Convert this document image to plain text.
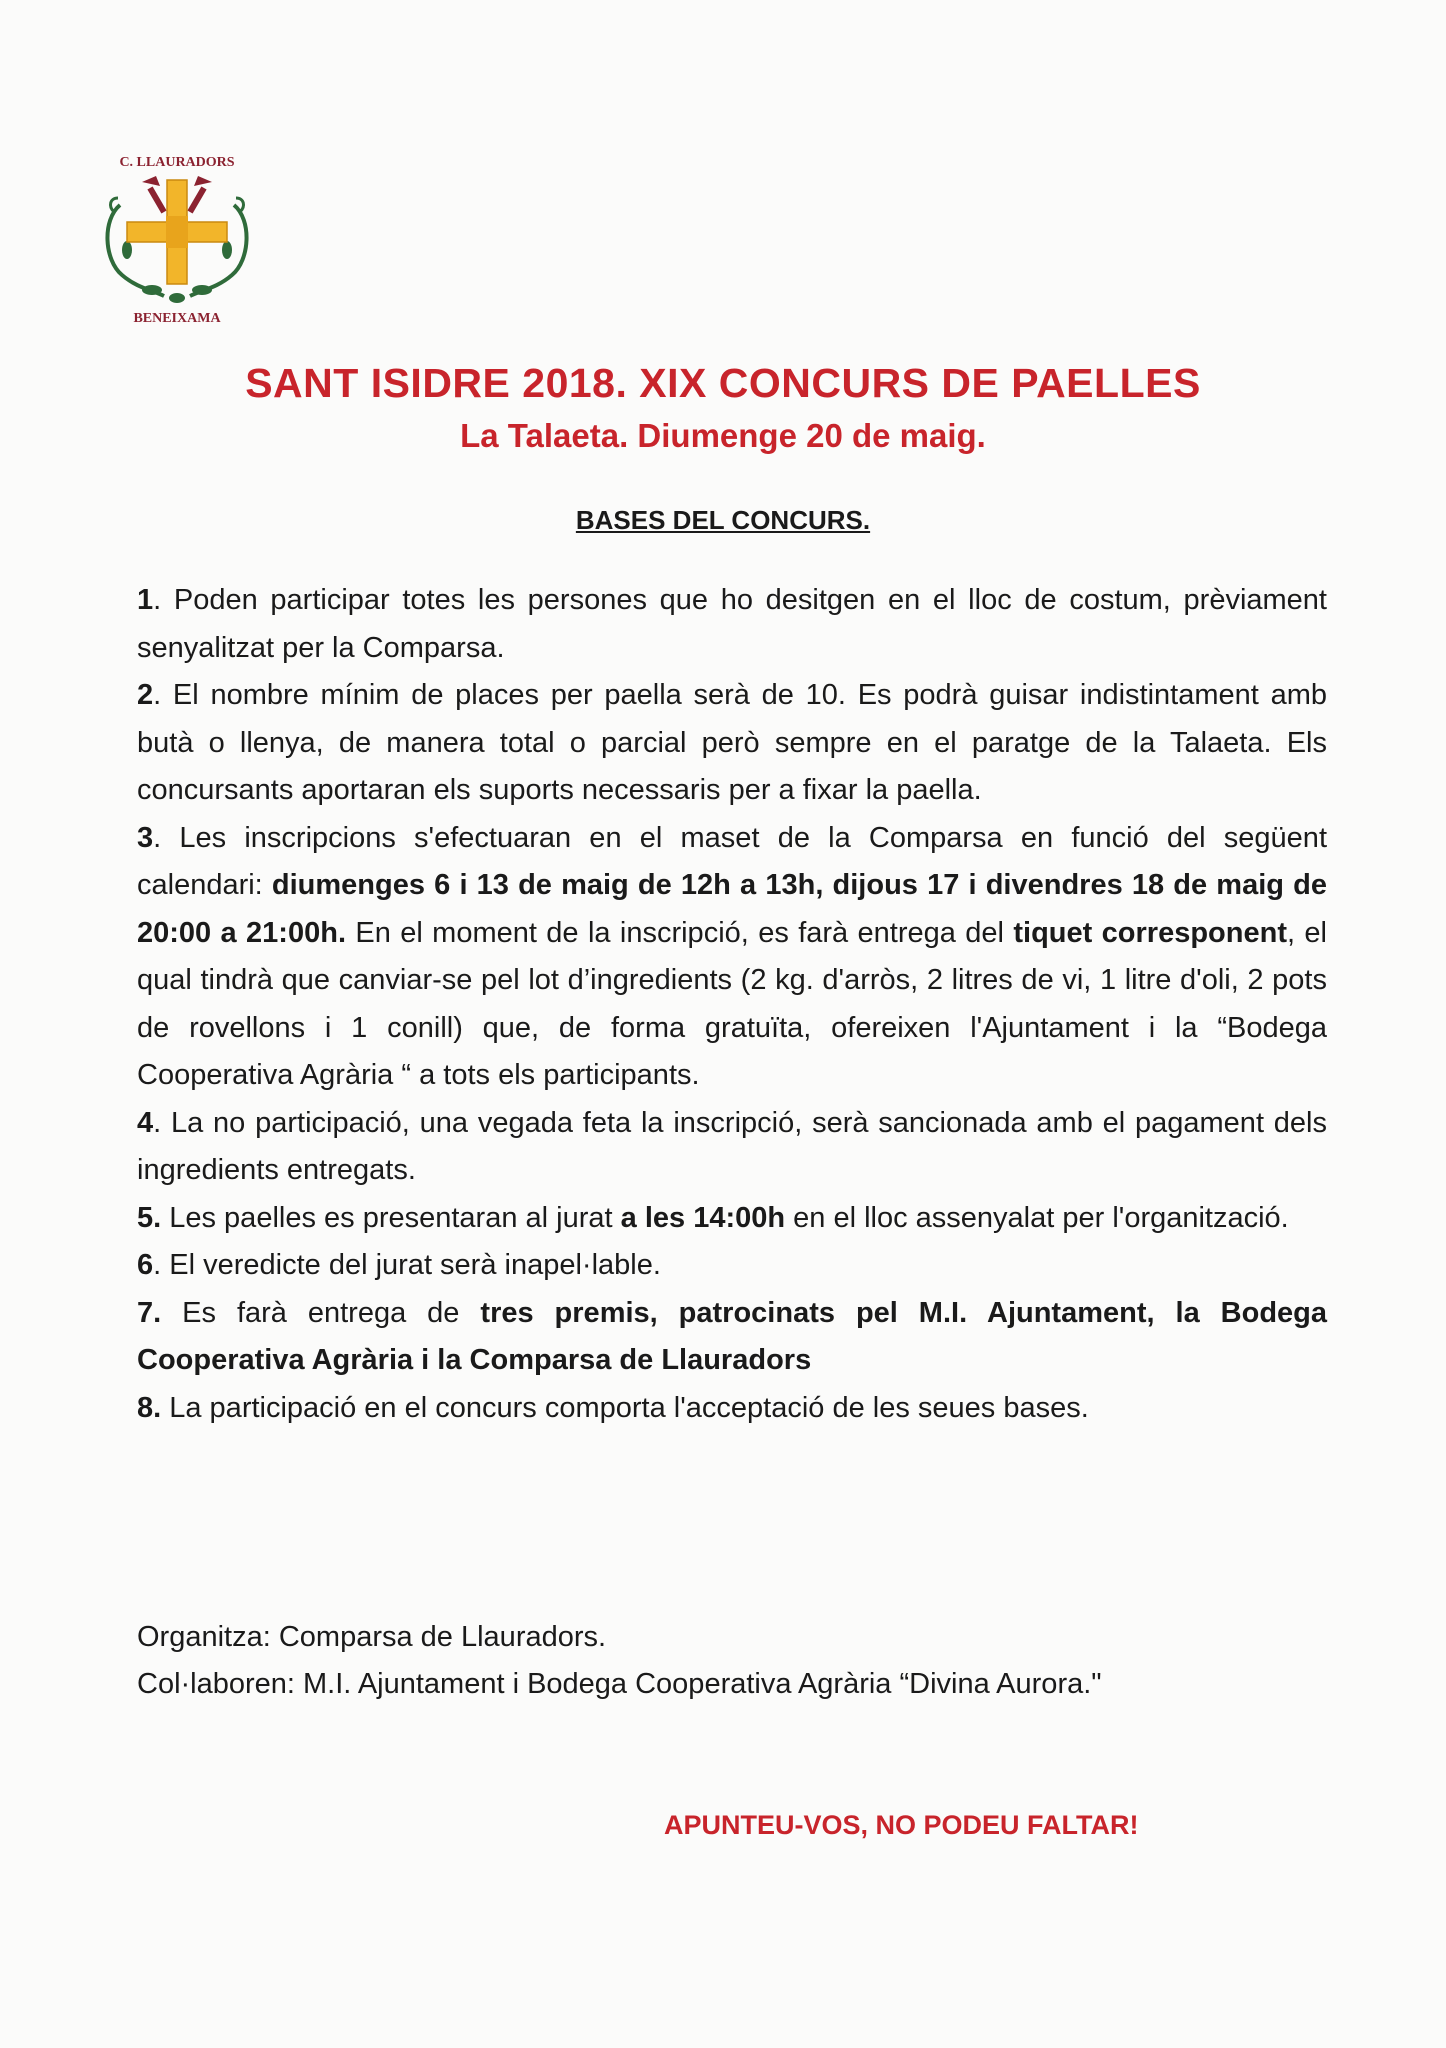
C. LLAURADORS
BENEIXAMA
SANT ISIDRE 2018. XIX CONCURS DE PAELLES
La Talaeta. Diumenge 20 de maig.
BASES DEL CONCURS.

1. Poden participar totes les persones que ho desitgen en el lloc de costum, prèviament senyalitzat per la Comparsa.

2. El nombre mínim de places per paella serà de 10. Es podrà guisar indistintament amb butà o llenya, de manera total o parcial però sempre en el paratge de la Talaeta. Els concursants aportaran els suports necessaris per a fixar la paella.

3. Les inscripcions s'efectuaran en el maset de la Comparsa en funció del següent calendari: diumenges 6 i 13 de maig de 12h a 13h, dijous 17 i divendres 18 de maig de 20:00 a 21:00h. En el moment de la inscripció, es farà entrega del tiquet corresponent, el qual tindrà que canviar-se pel lot d’ingredients (2 kg. d'arròs, 2 litres de vi, 1 litre d'oli, 2 pots de rovellons i 1 conill) que, de forma gratuïta, ofereixen l'Ajuntament i la “Bodega Cooperativa Agrària “ a tots els participants.

4. La no participació, una vegada feta la inscripció, serà sancionada amb el pagament dels ingredients entregats.

5. Les paelles es presentaran al jurat a les 14:00h en el lloc assenyalat per l'organització.

6. El veredicte del jurat serà inapel·lable.

7. Es farà entrega de tres premis, patrocinats pel M.I. Ajuntament, la Bodega Cooperativa Agrària i la Comparsa de Llauradors

8. La participació en el concurs comporta l'acceptació de les seues bases.

Organitza: Comparsa de Llauradors.

Col·laboren: M.I. Ajuntament i Bodega Cooperativa Agrària “Divina Aurora."

APUNTEU-VOS, NO PODEU FALTAR!
